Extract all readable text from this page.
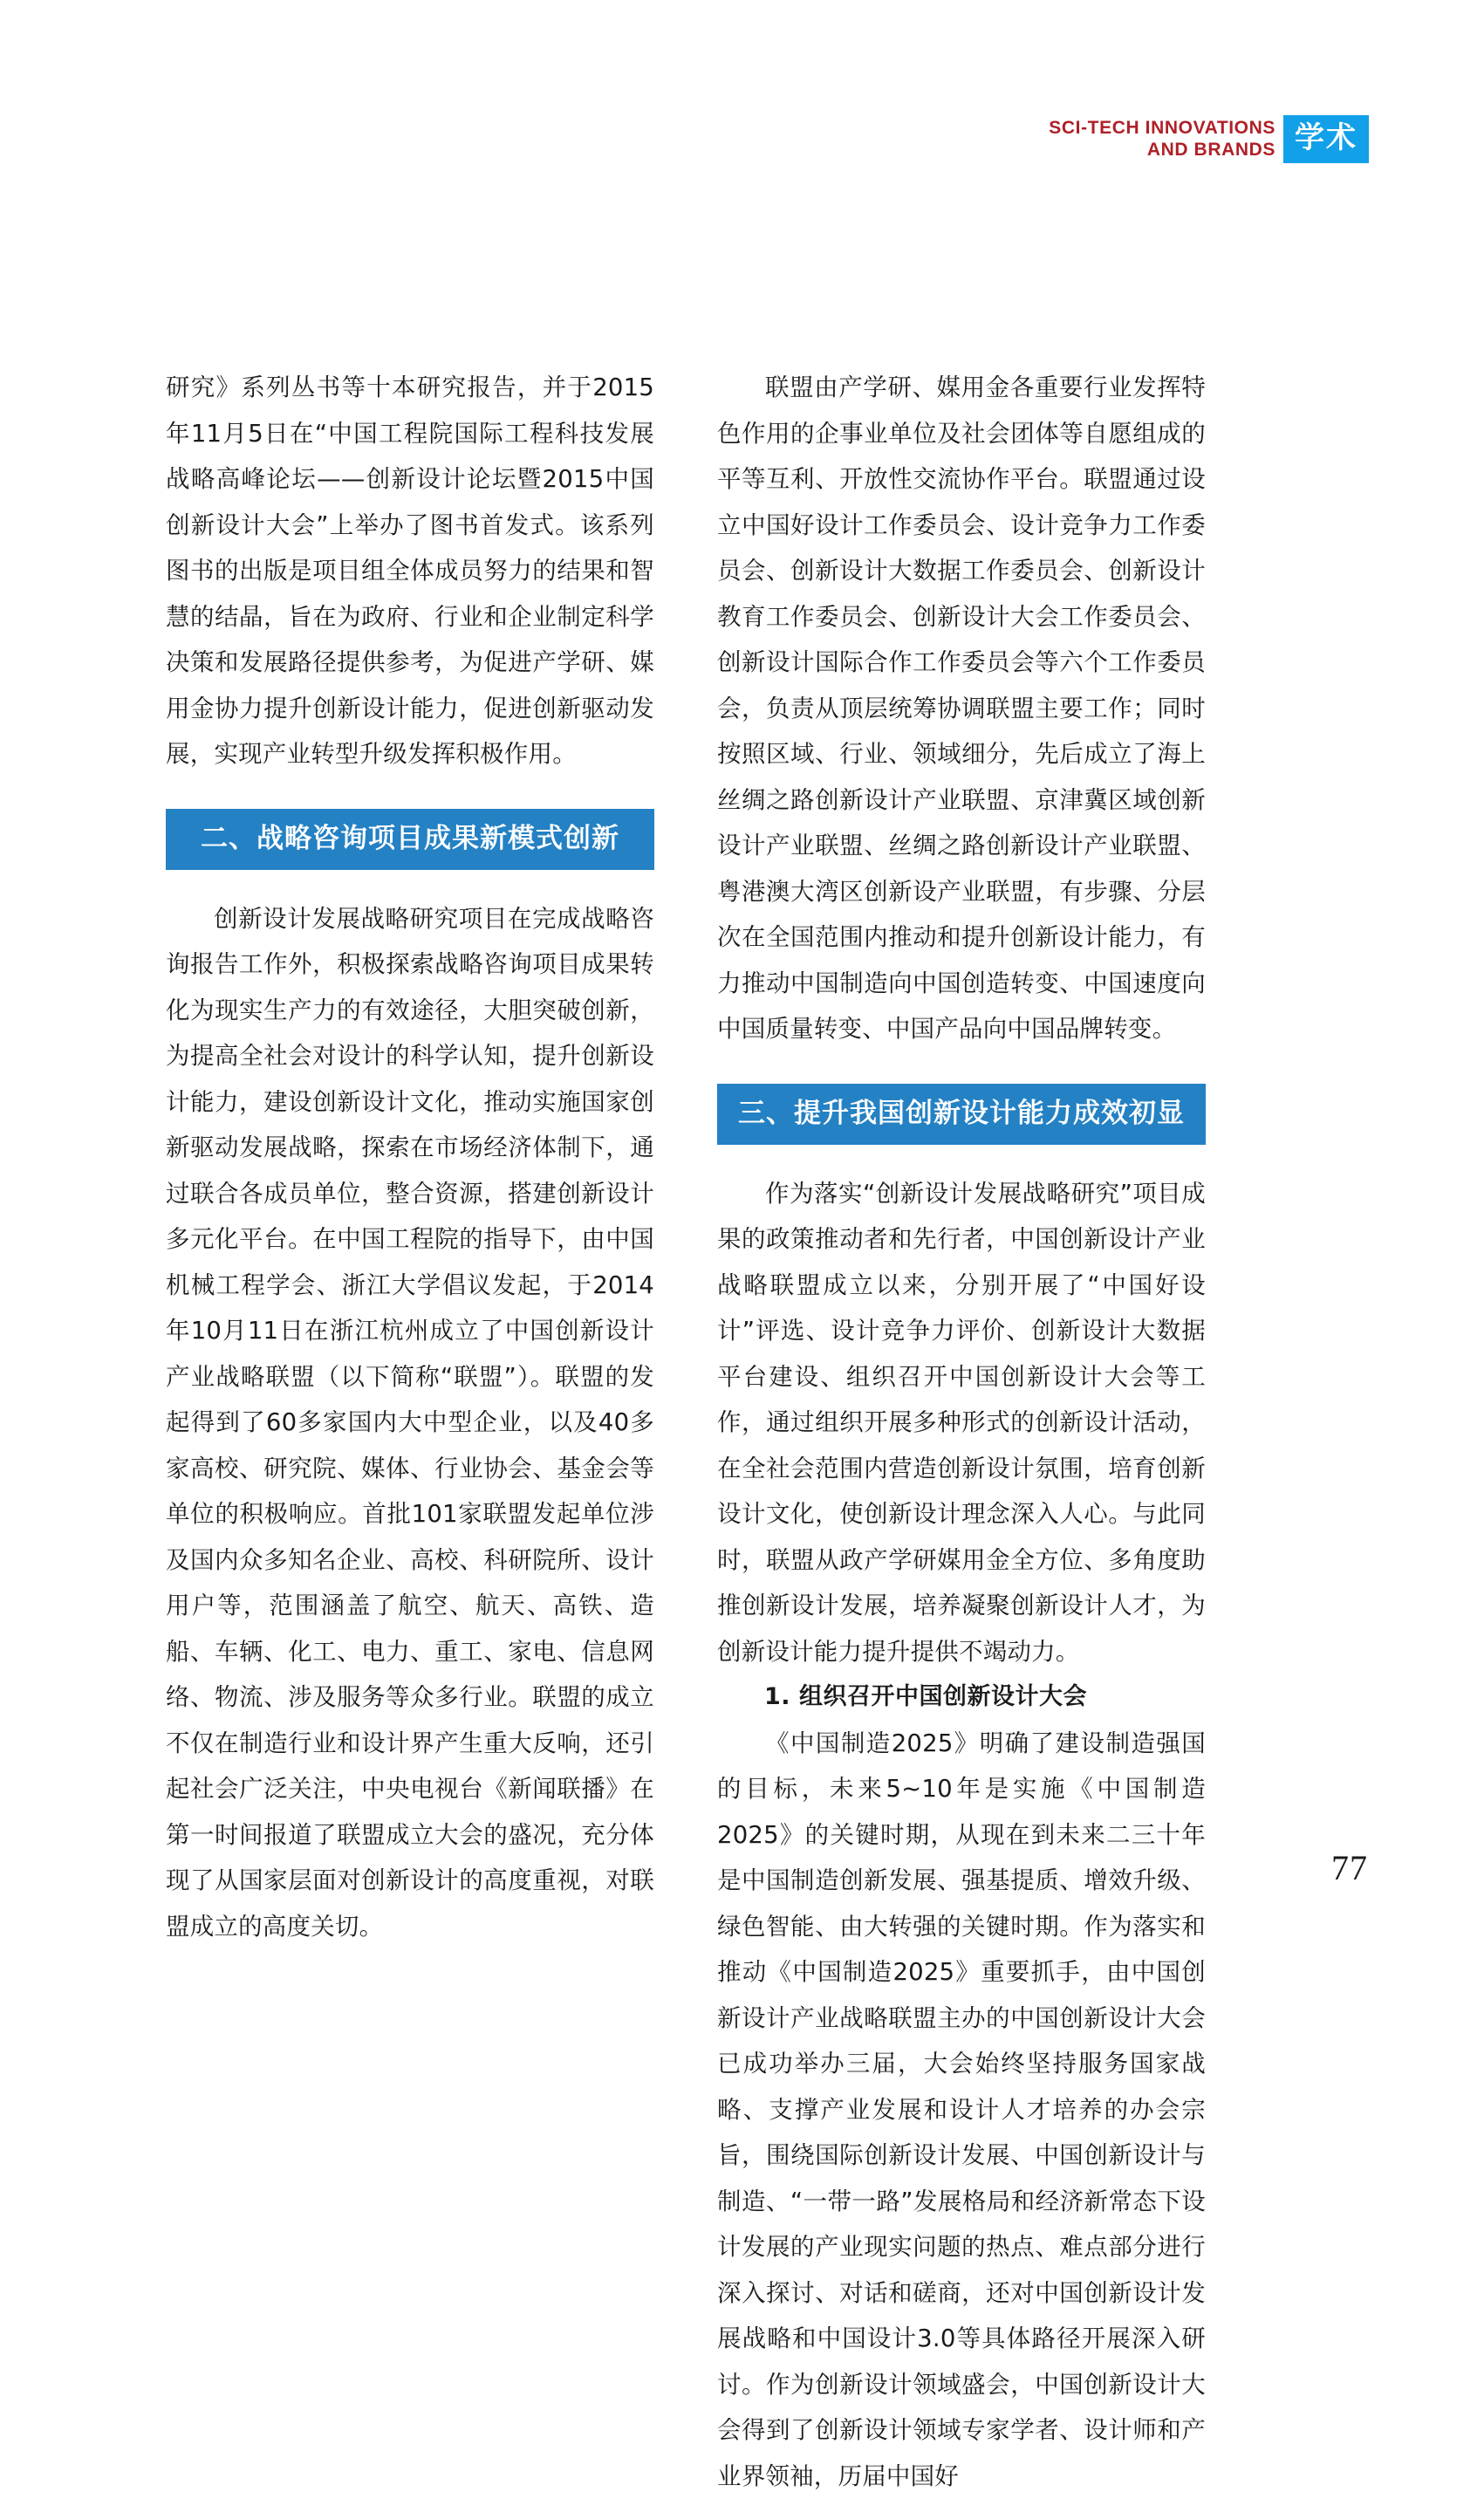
SCI-TECH INNOVATIONS
AND BRANDS 学术

研究》系列丛书等十本研究报告，并于2015年11月5日在“中国工程院国际工程科技发展战略高峰论坛——创新设计论坛暨2015中国创新设计大会”上举办了图书首发式。该系列图书的出版是项目组全体成员努力的结果和智慧的结晶，旨在为政府、行业和企业制定科学决策和发展路径提供参考，为促进产学研、媒用金协力提升创新设计能力，促进创新驱动发展，实现产业转型升级发挥积极作用。

二、战略咨询项目成果新模式创新

创新设计发展战略研究项目在完成战略咨询报告工作外，积极探索战略咨询项目成果转化为现实生产力的有效途径，大胆突破创新，为提高全社会对设计的科学认知，提升创新设计能力，建设创新设计文化，推动实施国家创新驱动发展战略，探索在市场经济体制下，通过联合各成员单位，整合资源，搭建创新设计多元化平台。在中国工程院的指导下，由中国机械工程学会、浙江大学倡议发起，于2014年10月11日在浙江杭州成立了中国创新设计产业战略联盟（以下简称“联盟”）。联盟的发起得到了60多家国内大中型企业，以及40多家高校、研究院、媒体、行业协会、基金会等单位的积极响应。首批101家联盟发起单位涉及国内众多知名企业、高校、科研院所、设计用户等，范围涵盖了航空、航天、高铁、造船、车辆、化工、电力、重工、家电、信息网络、物流、涉及服务等众多行业。联盟的成立不仅在制造行业和设计界产生重大反响，还引起社会广泛关注，中央电视台《新闻联播》在第一时间报道了联盟成立大会的盛况，充分体现了从国家层面对创新设计的高度重视，对联盟成立的高度关切。

联盟由产学研、媒用金各重要行业发挥特色作用的企事业单位及社会团体等自愿组成的平等互利、开放性交流协作平台。联盟通过设立中国好设计工作委员会、设计竞争力工作委员会、创新设计大数据工作委员会、创新设计教育工作委员会、创新设计大会工作委员会、创新设计国际合作工作委员会等六个工作委员会，负责从顶层统筹协调联盟主要工作；同时按照区域、行业、领域细分，先后成立了海上丝绸之路创新设计产业联盟、京津冀区域创新设计产业联盟、丝绸之路创新设计产业联盟、粤港澳大湾区创新设产业联盟，有步骤、分层次在全国范围内推动和提升创新设计能力，有力推动中国制造向中国创造转变、中国速度向中国质量转变、中国产品向中国品牌转变。

三、提升我国创新设计能力成效初显

作为落实“创新设计发展战略研究”项目成果的政策推动者和先行者，中国创新设计产业战略联盟成立以来，分别开展了“中国好设计”评选、设计竞争力评价、创新设计大数据平台建设、组织召开中国创新设计大会等工作，通过组织开展多种形式的创新设计活动，在全社会范围内营造创新设计氛围，培育创新设计文化，使创新设计理念深入人心。与此同时，联盟从政产学研媒用金全方位、多角度助推创新设计发展，培养凝聚创新设计人才，为创新设计能力提升提供不竭动力。

1. 组织召开中国创新设计大会

《中国制造2025》明确了建设制造强国的目标，未来5~10年是实施《中国制造2025》的关键时期，从现在到未来二三十年是中国制造创新发展、强基提质、增效升级、绿色智能、由大转强的关键时期。作为落实和推动《中国制造2025》重要抓手，由中国创新设计产业战略联盟主办的中国创新设计大会已成功举办三届，大会始终坚持服务国家战略、支撑产业发展和设计人才培养的办会宗旨，围绕国际创新设计发展、中国创新设计与制造、“一带一路”发展格局和经济新常态下设计发展的产业现实问题的热点、难点部分进行深入探讨、对话和磋商，还对中国创新设计发展战略和中国设计3.0等具体路径开展深入研讨。作为创新设计领域盛会，中国创新设计大会得到了创新设计领域专家学者、设计师和产业界领袖，历届中国好

77
